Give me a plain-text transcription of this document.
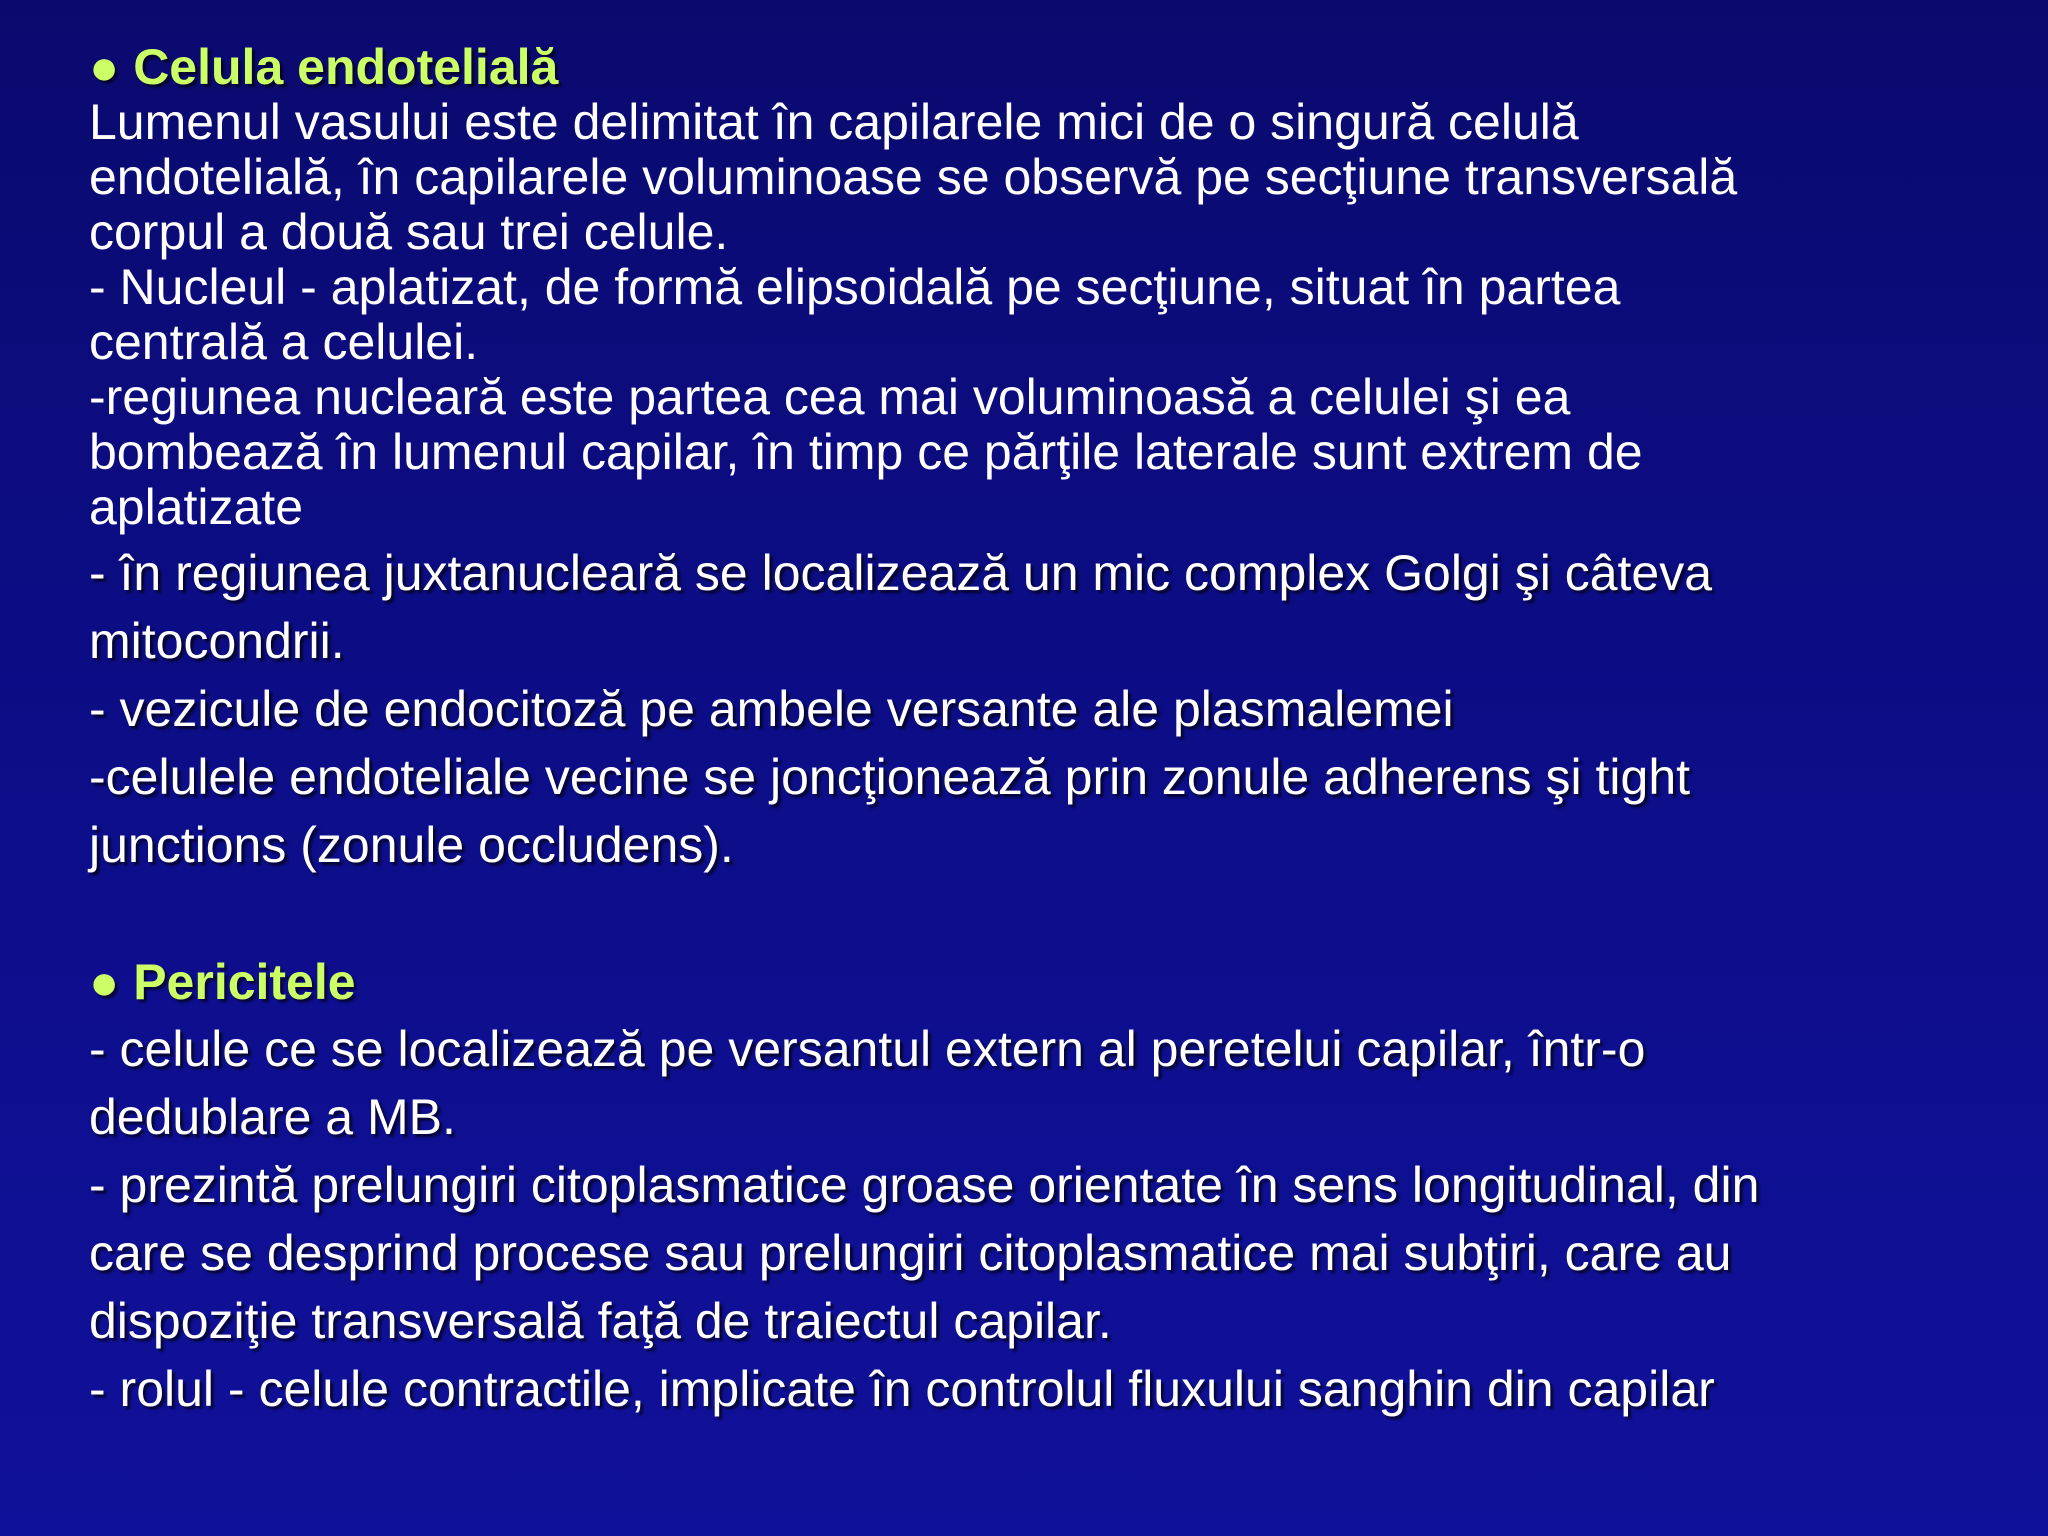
● Celula endotelială
Lumenul vasului este delimitat în capilarele mici de o singură celulă
endotelială, în capilarele voluminoase se observă pe secţiune transversală
corpul a două sau trei celule.
- Nucleul - aplatizat, de formă elipsoidală pe secţiune, situat în partea
centrală a celulei.
-regiunea nucleară este partea cea mai voluminoasă a celulei şi ea
bombează în lumenul capilar, în timp ce părţile laterale sunt extrem de
aplatizate
- în regiunea juxtanucleară se localizează un mic complex Golgi şi câteva
mitocondrii.
- vezicule de endocitoză pe ambele versante ale plasmalemei
-celulele endoteliale vecine se joncţionează prin zonule adherens şi tight
junctions (zonule occludens).
● Pericitele
- celule ce se localizează pe versantul extern al peretelui capilar, într-o
dedublare a MB.
- prezintă prelungiri citoplasmatice groase orientate în sens longitudinal, din
care se desprind procese sau prelungiri citoplasmatice mai subţiri, care au
dispoziţie transversală faţă de traiectul capilar.
- rolul - celule contractile, implicate în controlul fluxului sanghin din capilar
